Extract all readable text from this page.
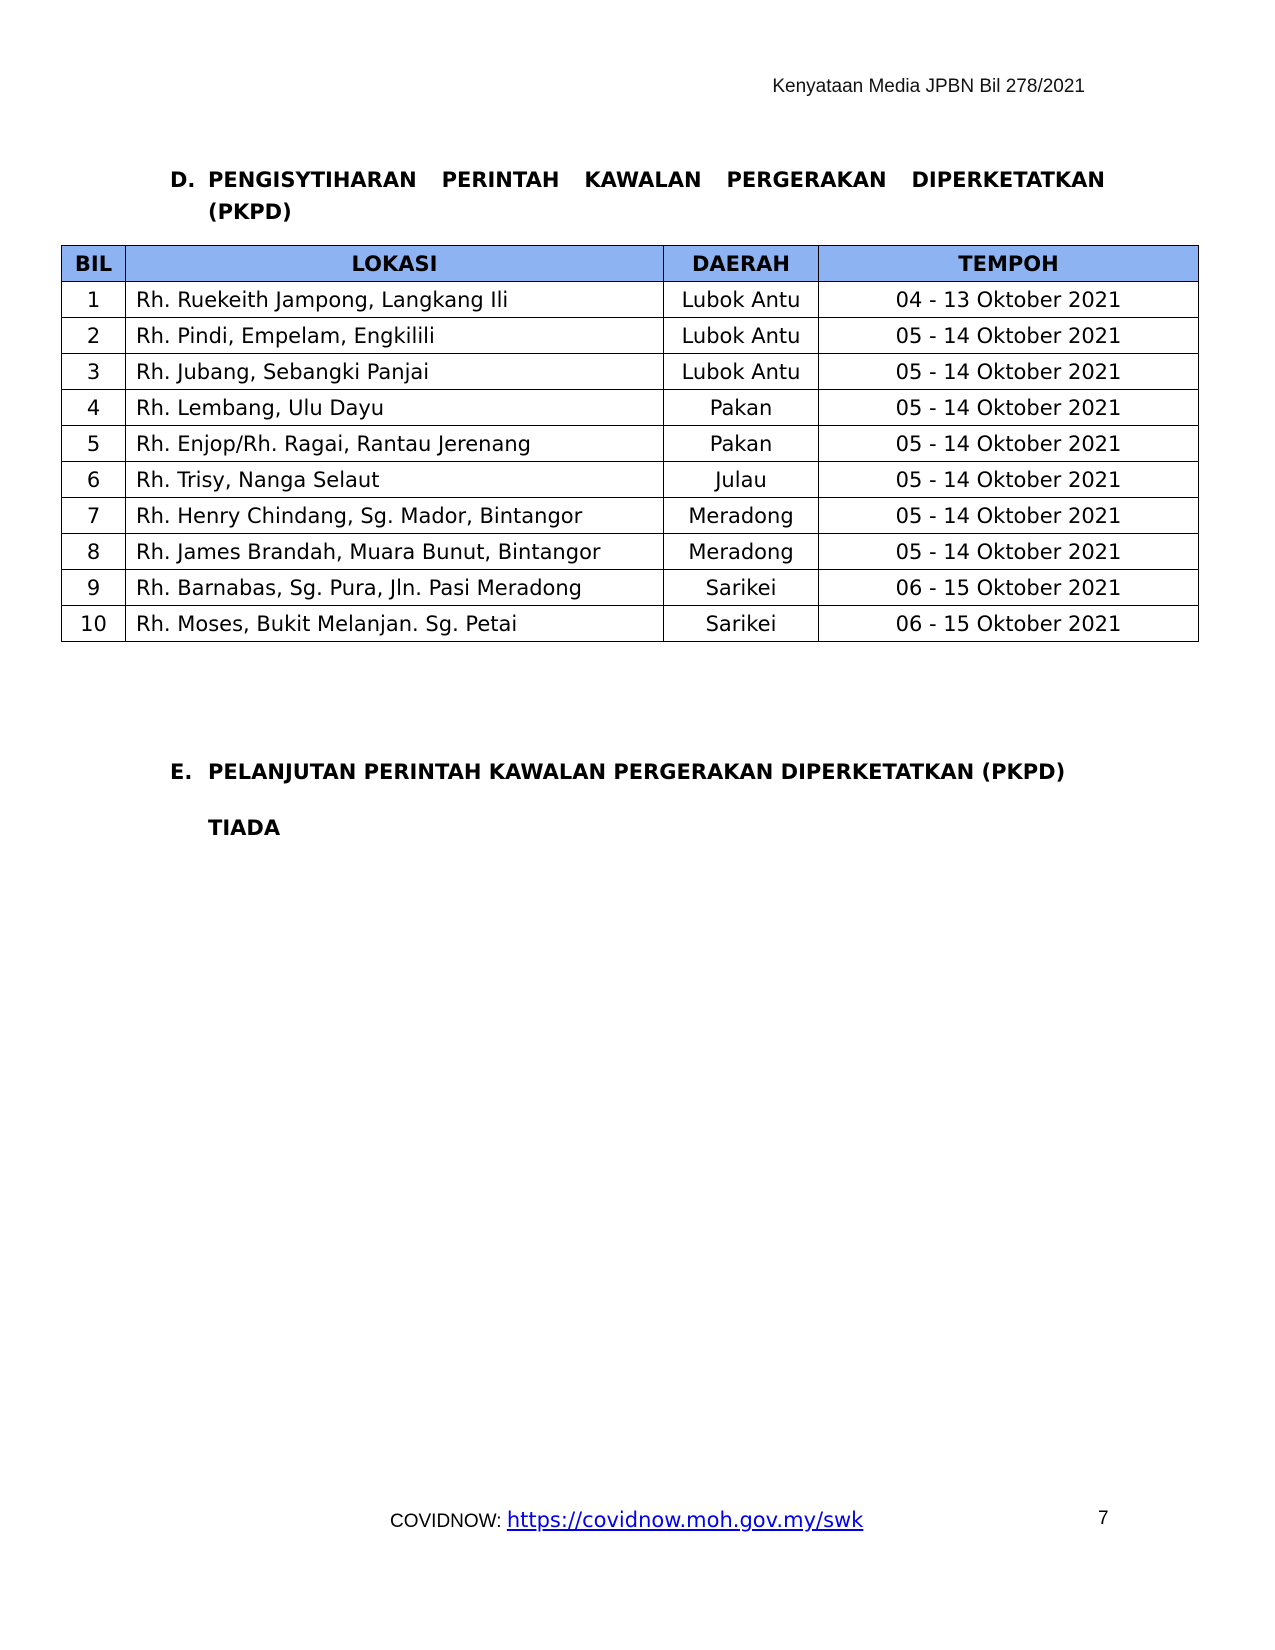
Kenyataan Media JPBN Bil 278/2021
D. PENGISYTIHARAN PERINTAH KAWALAN PERGERAKAN DIPERKETATKAN (PKPD)
BIL	LOKASI	DAERAH	TEMPOH
1	Rh. Ruekeith Jampong, Langkang Ili	Lubok Antu	04 - 13 Oktober 2021
2	Rh. Pindi, Empelam, Engkilili	Lubok Antu	05 - 14 Oktober 2021
3	Rh. Jubang, Sebangki Panjai	Lubok Antu	05 - 14 Oktober 2021
4	Rh. Lembang, Ulu Dayu	Pakan	05 - 14 Oktober 2021
5	Rh. Enjop/Rh. Ragai, Rantau Jerenang	Pakan	05 - 14 Oktober 2021
6	Rh. Trisy, Nanga Selaut	Julau	05 - 14 Oktober 2021
7	Rh. Henry Chindang, Sg. Mador, Bintangor	Meradong	05 - 14 Oktober 2021
8	Rh. James Brandah, Muara Bunut, Bintangor	Meradong	05 - 14 Oktober 2021
9	Rh. Barnabas, Sg. Pura, Jln. Pasi Meradong	Sarikei	06 - 15 Oktober 2021
10	Rh. Moses, Bukit Melanjan. Sg. Petai	Sarikei	06 - 15 Oktober 2021
E. PELANJUTAN PERINTAH KAWALAN PERGERAKAN DIPERKETATKAN (PKPD)
TIADA
COVIDNOW: https://covidnow.moh.gov.my/swk	7
